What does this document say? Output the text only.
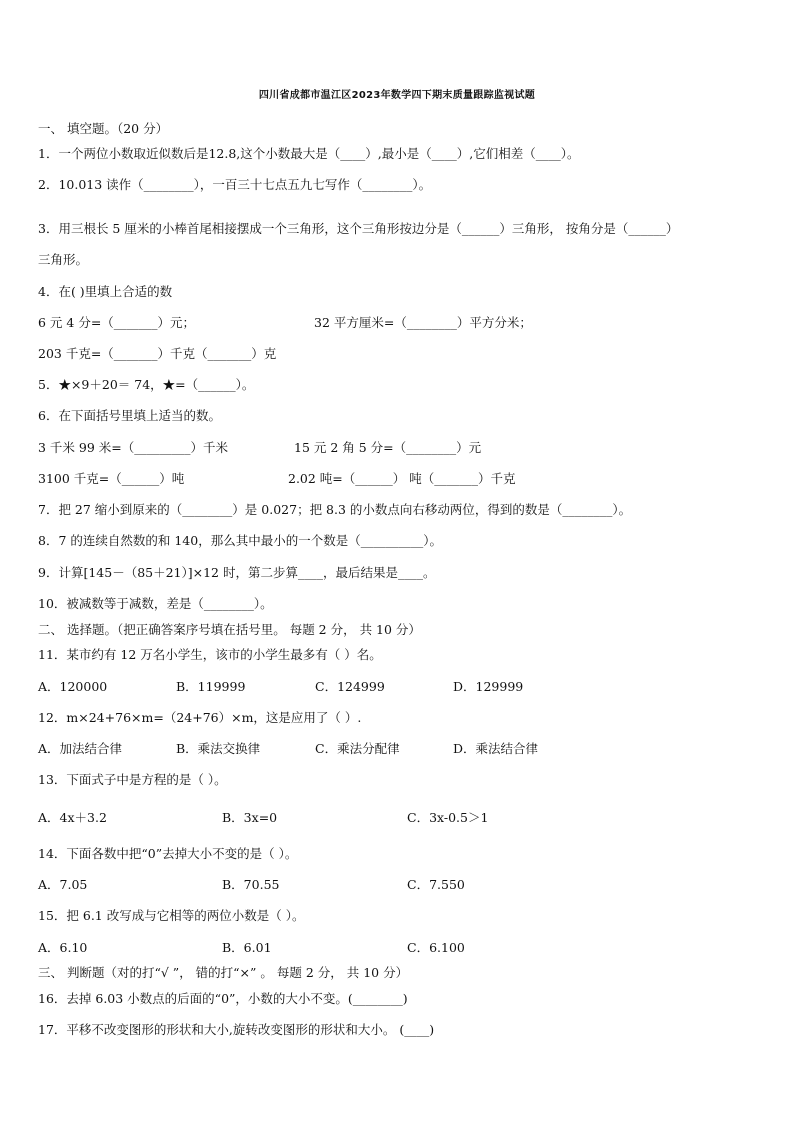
四川省成都市温江区2023年数学四下期末质量跟踪监视试题
一、 填空题。（20 分）
1．一个两位小数取近似数后是12.8,这个小数最大是（____）,最小是（____）,它们相差（____）。
2．10.013 读作（________），一百三十七点五九七写作（________）。
3．用三根长 5 厘米的小棒首尾相接摆成一个三角形，这个三角形按边分是（______）三角形， 按角分是（______）
三角形。
4．在( )里填上合适的数
6 元 4 分=（_______）元；	32 平方厘米=（________）平方分米；
203 千克=（_______）千克（_______）克
5．★×9＋20＝ 74，★=（______）。
6．在下面括号里填上适当的数。
3 千米 99 米=（_________）千米	15 元 2 角 5 分=（________）元
3100 千克=（______）吨	2.02 吨=（______） 吨（_______）千克
7．把 27 缩小到原来的（________）是 0.027；把 8.3 的小数点向右移动两位，得到的数是（________）。
8．7 的连续自然数的和 140，那么其中最小的一个数是（__________）。
9．计算[145－（85＋21）]×12 时，第二步算____，最后结果是____。
10．被减数等于减数，差是（________）。
二、 选择题。（把正确答案序号填在括号里。 每题 2 分， 共 10 分）
11．某市约有 12 万名小学生，该市的小学生最多有（ ）名。
A．120000	B．119999	C．124999	D．129999
12．m×24+76×m=（24+76）×m，这是应用了（ ）.
A．加法结合律	B．乘法交换律	C．乘法分配律	D．乘法结合律
13．下面式子中是方程的是（ ）。
A．4x＋3.2	B．3x=0	C．3x-0.5＞1
14．下面各数中把“0”去掉大小不变的是（ ）。
A．7.05	B．70.55	C．7.550
15．把 6.1 改写成与它相等的两位小数是（ ）。
A．6.10	B．6.01	C．6.100
三、 判断题（对的打“√ ”， 错的打“×” 。 每题 2 分， 共 10 分）
16．去掉 6.03 小数点的后面的“0”，小数的大小不变。(________)
17．平移不改变图形的形状和大小,旋转改变图形的形状和大小。 (____)
